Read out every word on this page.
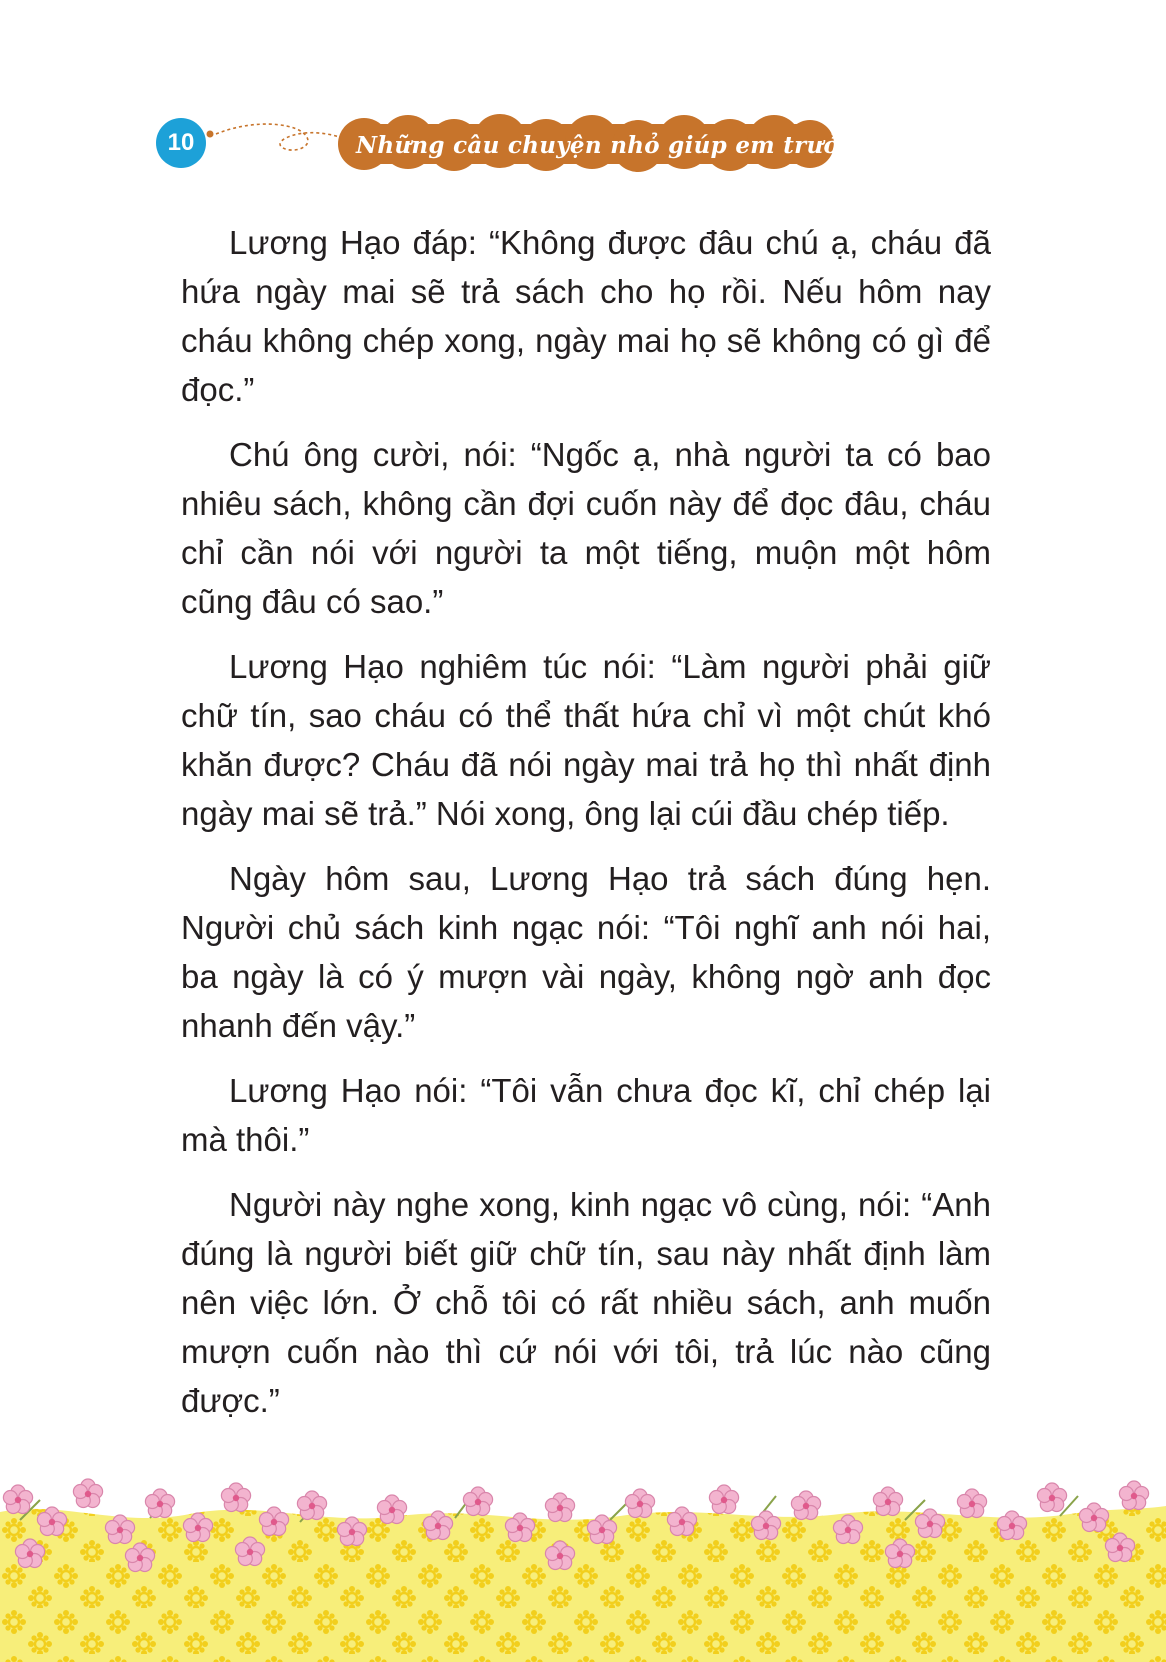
10	Những câu chuyện nhỏ giúp em trưởng thành

Lương Hạo đáp: “Không được đâu chú ạ, cháu đã hứa ngày mai sẽ trả sách cho họ rồi. Nếu hôm nay cháu không chép xong, ngày mai họ sẽ không có gì để đọc.”

Chú ông cười, nói: “Ngốc ạ, nhà người ta có bao nhiêu sách, không cần đợi cuốn này để đọc đâu, cháu chỉ cần nói với người ta một tiếng, muộn một hôm cũng đâu có sao.”

Lương Hạo nghiêm túc nói: “Làm người phải giữ chữ tín, sao cháu có thể thất hứa chỉ vì một chút khó khăn được? Cháu đã nói ngày mai trả họ thì nhất định ngày mai sẽ trả.” Nói xong, ông lại cúi đầu chép tiếp.

Ngày hôm sau, Lương Hạo trả sách đúng hẹn. Người chủ sách kinh ngạc nói: “Tôi nghĩ anh nói hai, ba ngày là có ý mượn vài ngày, không ngờ anh đọc nhanh đến vậy.”

Lương Hạo nói: “Tôi vẫn chưa đọc kĩ, chỉ chép lại mà thôi.”

Người này nghe xong, kinh ngạc vô cùng, nói: “Anh đúng là người biết giữ chữ tín, sau này nhất định làm nên việc lớn. Ở chỗ tôi có rất nhiều sách, anh muốn mượn cuốn nào thì cứ nói với tôi, trả lúc nào cũng được.”
